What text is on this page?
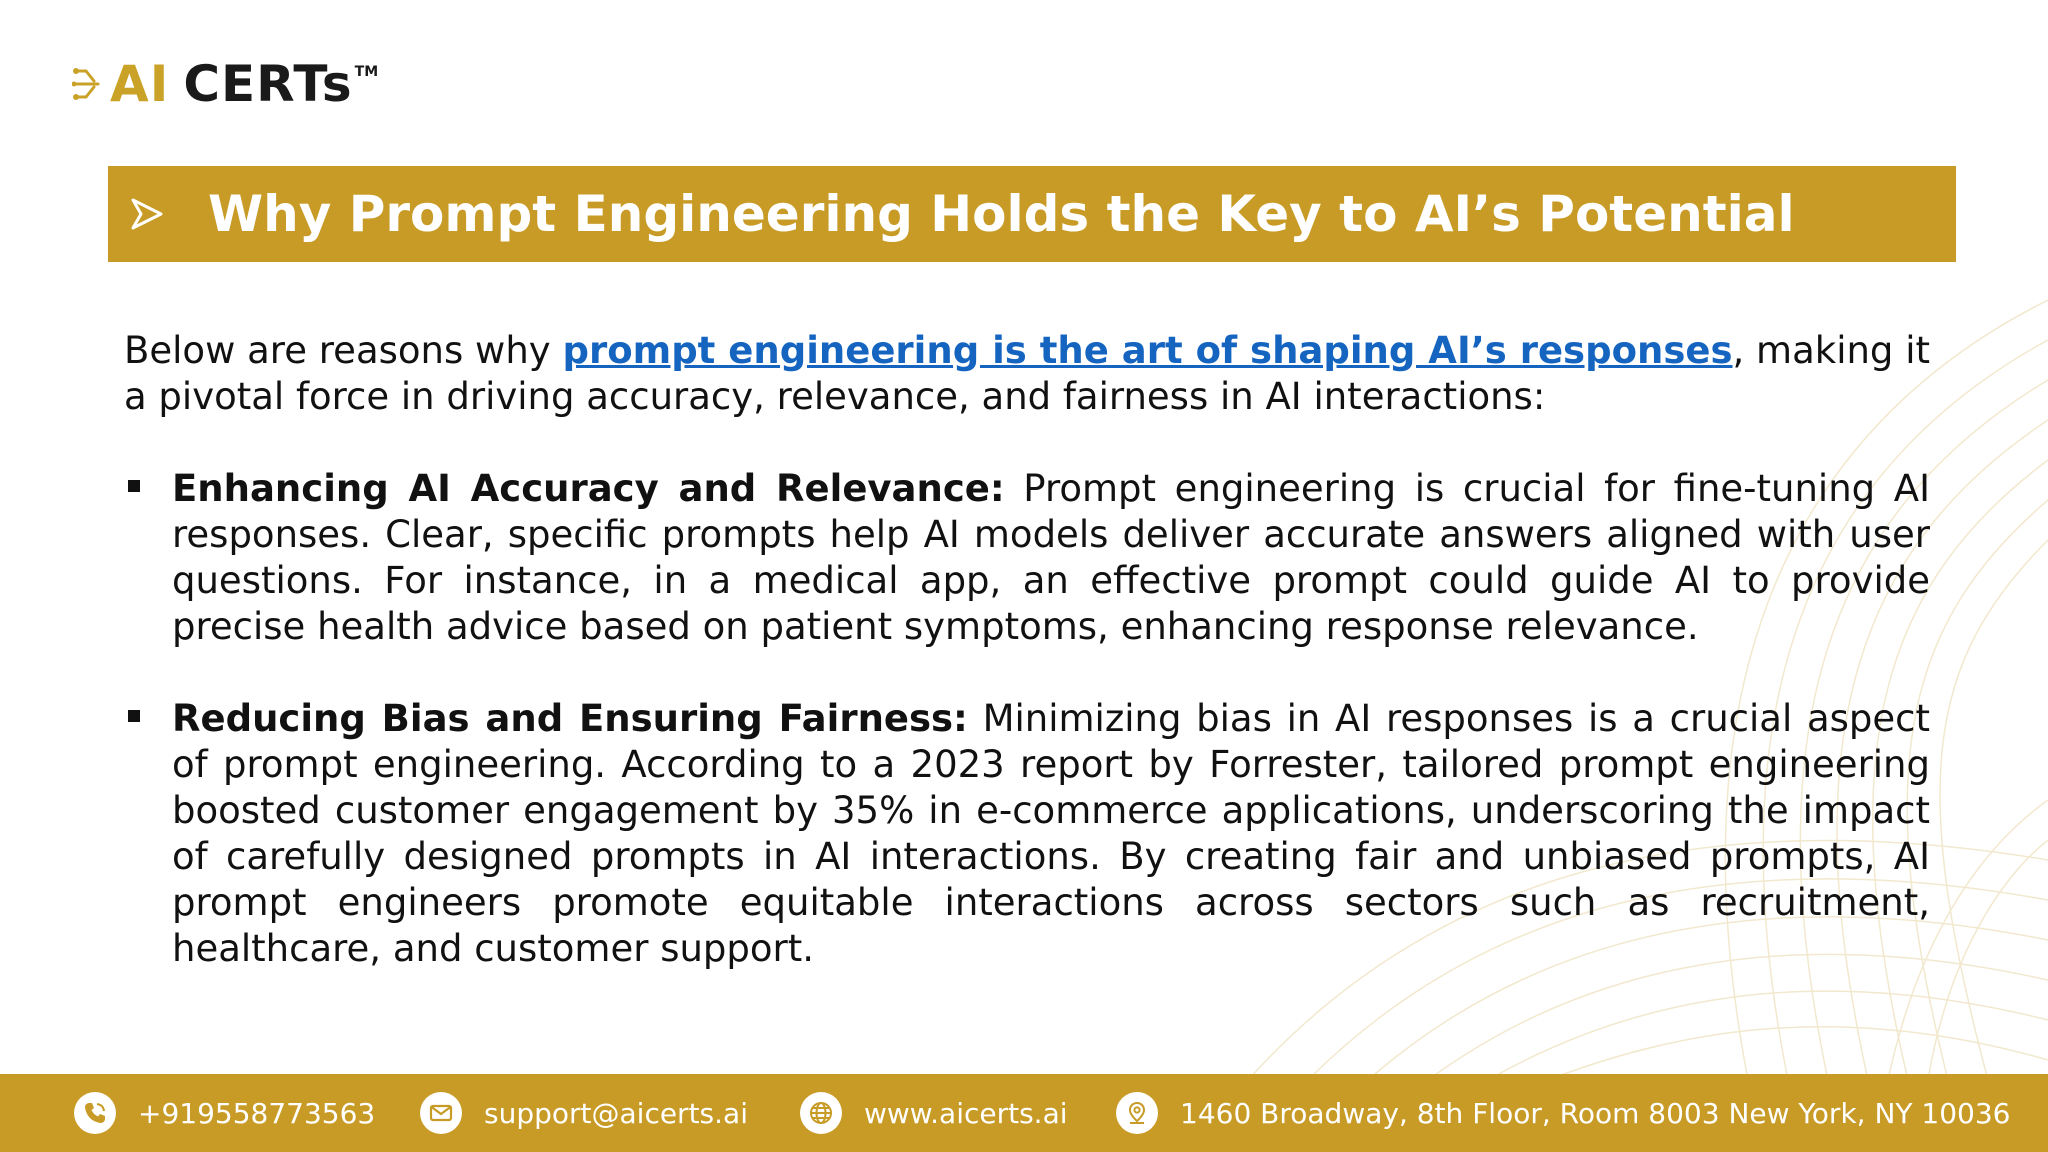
AI CERTs TM
Why Prompt Engineering Holds the Key to AI’s Potential

Below are reasons why prompt engineering is the art of shaping AI’s responses, making it a pivotal force in driving accuracy, relevance, and fairness in AI interactions:

Enhancing AI Accuracy and Relevance: Prompt engineering is crucial for fine-tuning AI responses. Clear, specific prompts help AI models deliver accurate answers aligned with user questions. For instance, in a medical app, an effective prompt could guide AI to provide precise health advice based on patient symptoms, enhancing response relevance.
Reducing Bias and Ensuring Fairness: Minimizing bias in AI responses is a crucial aspect of prompt engineering. According to a 2023 report by Forrester, tailored prompt engineering boosted customer engagement by 35% in e-commerce applications, underscoring the impact of carefully designed prompts in AI interactions. By creating fair and unbiased prompts, AI prompt engineers promote equitable interactions across sectors such as recruitment, healthcare, and customer support.
+919558773563	support@aicerts.ai	www.aicerts.ai	1460 Broadway, 8th Floor, Room 8003 New York, NY 10036
